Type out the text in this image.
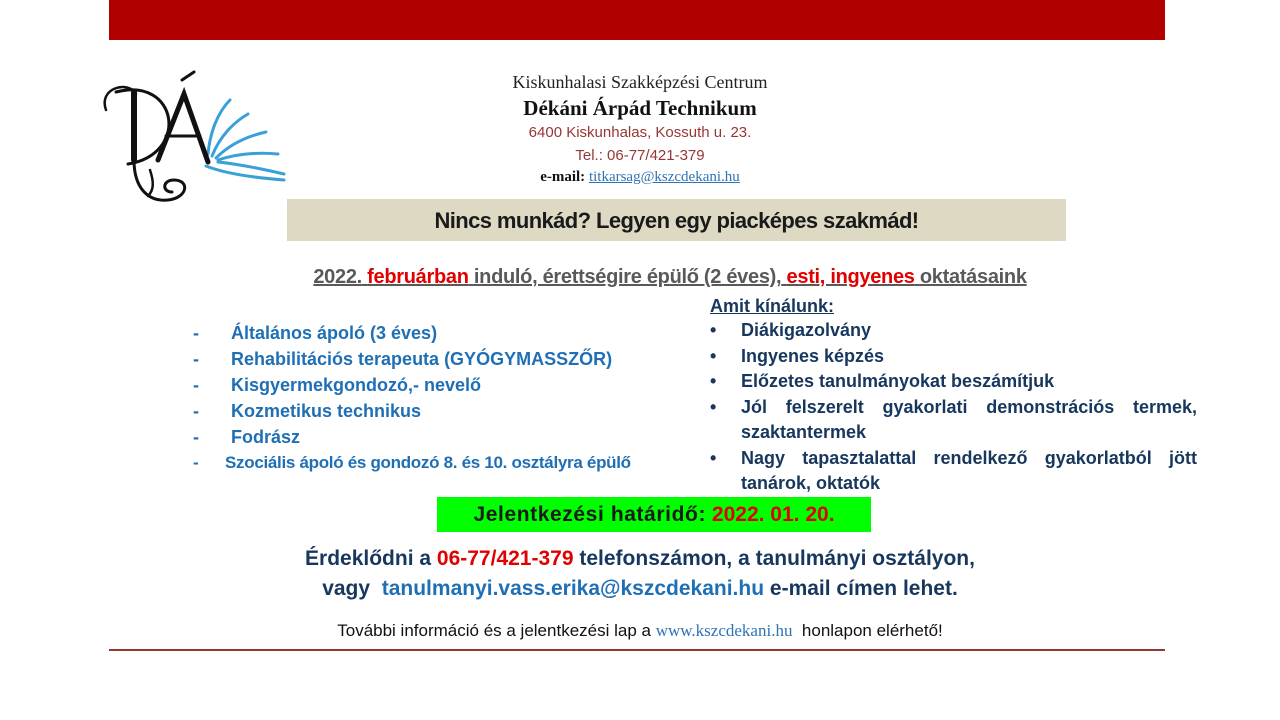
Kiskunhalasi Szakképzési Centrum
Dékáni Árpád Technikum
6400 Kiskunhalas, Kossuth u. 23.
Tel.: 06-77/421-379
e-mail: titkarsag@kszcdekani.hu
Nincs munkád? Legyen egy piacképes szakmád!
2022. februárban induló, érettségire épülő (2 éves), esti, ingyenes oktatásaink
- Általános ápoló (3 éves)
- Rehabilitációs terapeuta (GYÓGYMASSZŐR)
- Kisgyermekgondozó,- nevelő
- Kozmetikus technikus
- Fodrász
- Szociális ápoló és gondozó 8. és 10. osztályra épülő
Amit kínálunk:
•	Diákigazolvány
•	Ingyenes képzés
•	Előzetes tanulmányokat beszámítjuk
•	Jól felszerelt gyakorlati demonstrációs termek, szaktantermek
•	Nagy tapasztalattal rendelkező gyakorlatból jött tanárok, oktatók
Jelentkezési határidő: 2022. 01. 20.
Érdeklődni a 06-77/421-379 telefonszámon, a tanulmányi osztályon,
vagy tanulmanyi.vass.erika@kszcdekani.hu e-mail címen lehet.
További információ és a jelentkezési lap a www.kszcdekani.hu honlapon elérhető!
